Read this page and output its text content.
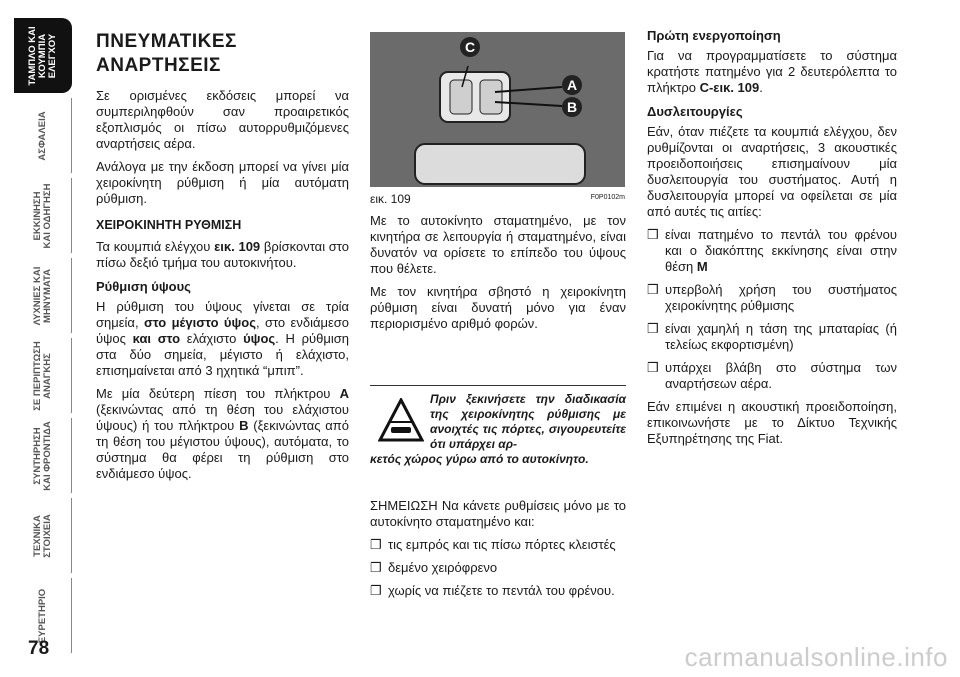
ΤΑΜΠΛΟ ΚΑΙ
ΚΟΥΜΠΙΑ
ΕΛΕΓΧΟΥ
ΑΣΦΑΛΕΙΑ
ΕΚΚΙΝΗΣΗ
ΚΑΙ ΟΔΗΓΗΣΗ
ΛΥΧΝΙΕΣ ΚΑΙ
ΜΗΝΥΜΑΤΑ
ΣΕ ΠΕΡΙΠΤΩΣΗ
ΑΝΑΓΚΗΣ
ΣΥΝΤΗΡΗΣΗ
ΚΑΙ ΦΡΟΝΤΙΔΑ
ΤΕΧΝΙΚΑ
ΣΤΟΙΧΕΙΑ
ΕΥΡΕΤΗΡΙΟ
78
ΠΝΕΥΜΑΤΙΚΕΣ
ΑΝΑΡΤΗΣΕΙΣ

Σε ορισμένες εκδόσεις μπορεί να συμπεριληφθούν σαν προαιρετικός εξοπλισμός οι πίσω αυτορρυθμιζόμενες αναρτήσεις αέρα.

Ανάλογα με την έκδοση μπορεί να γίνει μία χειροκίνητη ρύθμιση ή μία αυτόματη ρύθμιση.

ΧΕΙΡΟΚΙΝΗΤΗ ΡΥΘΜΙΣΗ

Τα κουμπιά ελέγχου εικ. 109 βρίσκονται στο πίσω δεξιό τμήμα του αυτοκινήτου.

Ρύθμιση ύψους

Η ρύθμιση του ύψους γίνεται σε τρία σημεία, στο μέγιστο ύψος, στο ενδιάμεσο ύψος και στο ελάχιστο ύψος. Η ρύθμιση στα δύο σημεία, μέγιστο ή ελάχιστο, επισημαίνεται από 3 ηχητικά “μπιπ”.

Με μία δεύτερη πίεση του πλήκτρου A (ξεκινώντας από τη θέση του ελάχιστου ύψους) ή του πλήκτρου B (ξεκινώντας από τη θέση του μέγιστου ύψους), αυτόματα, το σύστημα θα φέρει τη ρύθμιση στο ενδιάμεσο ύψος.

C
A
B
εικ. 109	F0P0102m

Με το αυτοκίνητο σταματημένο, με τον κινητήρα σε λειτουργία ή σταματημένο, είναι δυνατόν να ορίσετε το επίπεδο του ύψους που θέλετε.

Με τον κινητήρα σβηστό η χειροκίνητη ρύθμιση είναι δυνατή μόνο για έναν περιορισμένο αριθμό φορών.

Πριν ξεκινήσετε την διαδικασία της χειροκίνητης ρύθμισης με ανοιχτές τις πόρτες, σιγουρευτείτε ότι υπάρχει αρ-
κετός χώρος γύρω από το αυτοκίνητο.

ΣΗΜΕΙΩΣΗ Να κάνετε ρυθμίσεις μόνο με το αυτοκίνητο σταματημένο και:

❒ τις εμπρός και τις πίσω πόρτες κλειστές

❒ δεμένο χειρόφρενο

❒ χωρίς να πιέζετε το πεντάλ του φρένου.

Πρώτη ενεργοποίηση

Για να προγραμματίσετε το σύστημα κρατήστε πατημένο για 2 δευτερόλεπτα το πλήκτρο C-εικ. 109.

Δυσλειτουργίες

Εάν, όταν πιέζετε τα κουμπιά ελέγχου, δεν ρυθμίζονται οι αναρτήσεις, 3 ακουστικές προειδοποιήσεις επισημαίνουν μία δυσλειτουργία του συστήματος. Αυτή η δυσλειτουργία μπορεί να οφείλεται σε μία από αυτές τις αιτίες:

❒ είναι πατημένο το πεντάλ του φρένου και ο διακόπτης εκκίνησης είναι στην θέση M

❒ υπερβολή χρήση του συστήματος χειροκίνητης ρύθμισης

❒ είναι χαμηλή η τάση της μπαταρίας (ή τελείως εκφορτισμένη)

❒ υπάρχει βλάβη στο σύστημα των αναρτήσεων αέρα.

Εάν επιμένει η ακουστική προειδοποίηση, επικοινωνήστε με το Δίκτυο Τεχνικής Εξυπηρέτησης της Fiat.

carmanualsonline.info
